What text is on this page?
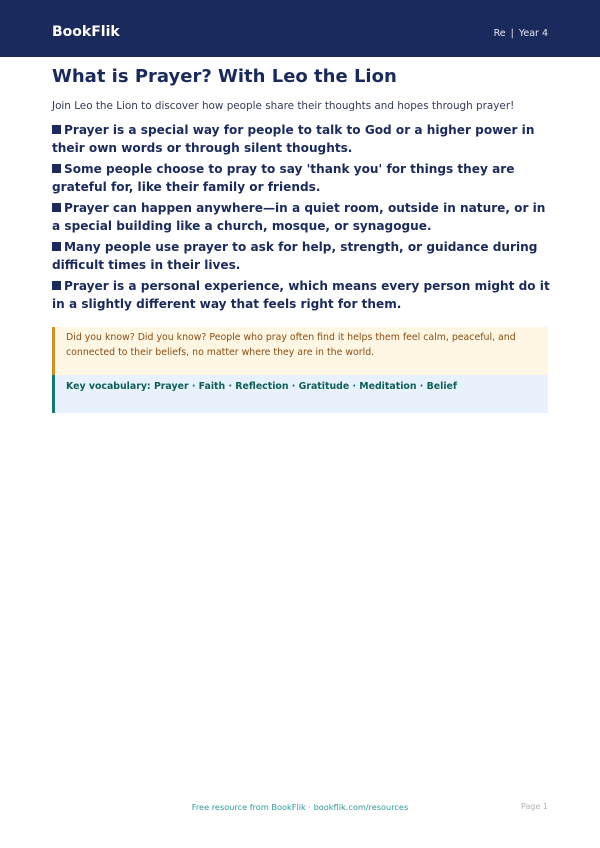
BookFlik	Re | Year 4
What is Prayer? With Leo the Lion

Join Leo the Lion to discover how people share their thoughts and hopes through prayer!

Prayer is a special way for people to talk to God or a higher power in their own words or through silent thoughts.
Some people choose to pray to say 'thank you' for things they are grateful for, like their family or friends.
Prayer can happen anywhere—in a quiet room, outside in nature, or in a special building like a church, mosque, or synagogue.
Many people use prayer to ask for help, strength, or guidance during difficult times in their lives.
Prayer is a personal experience, which means every person might do it in a slightly different way that feels right for them.
Did you know? Did you know? People who pray often find it helps them feel calm, peaceful, and connected to their beliefs, no matter where they are in the world.
Key vocabulary: Prayer · Faith · Reflection · Gratitude · Meditation · Belief
Free resource from BookFlik · bookflik.com/resources	Page 1
